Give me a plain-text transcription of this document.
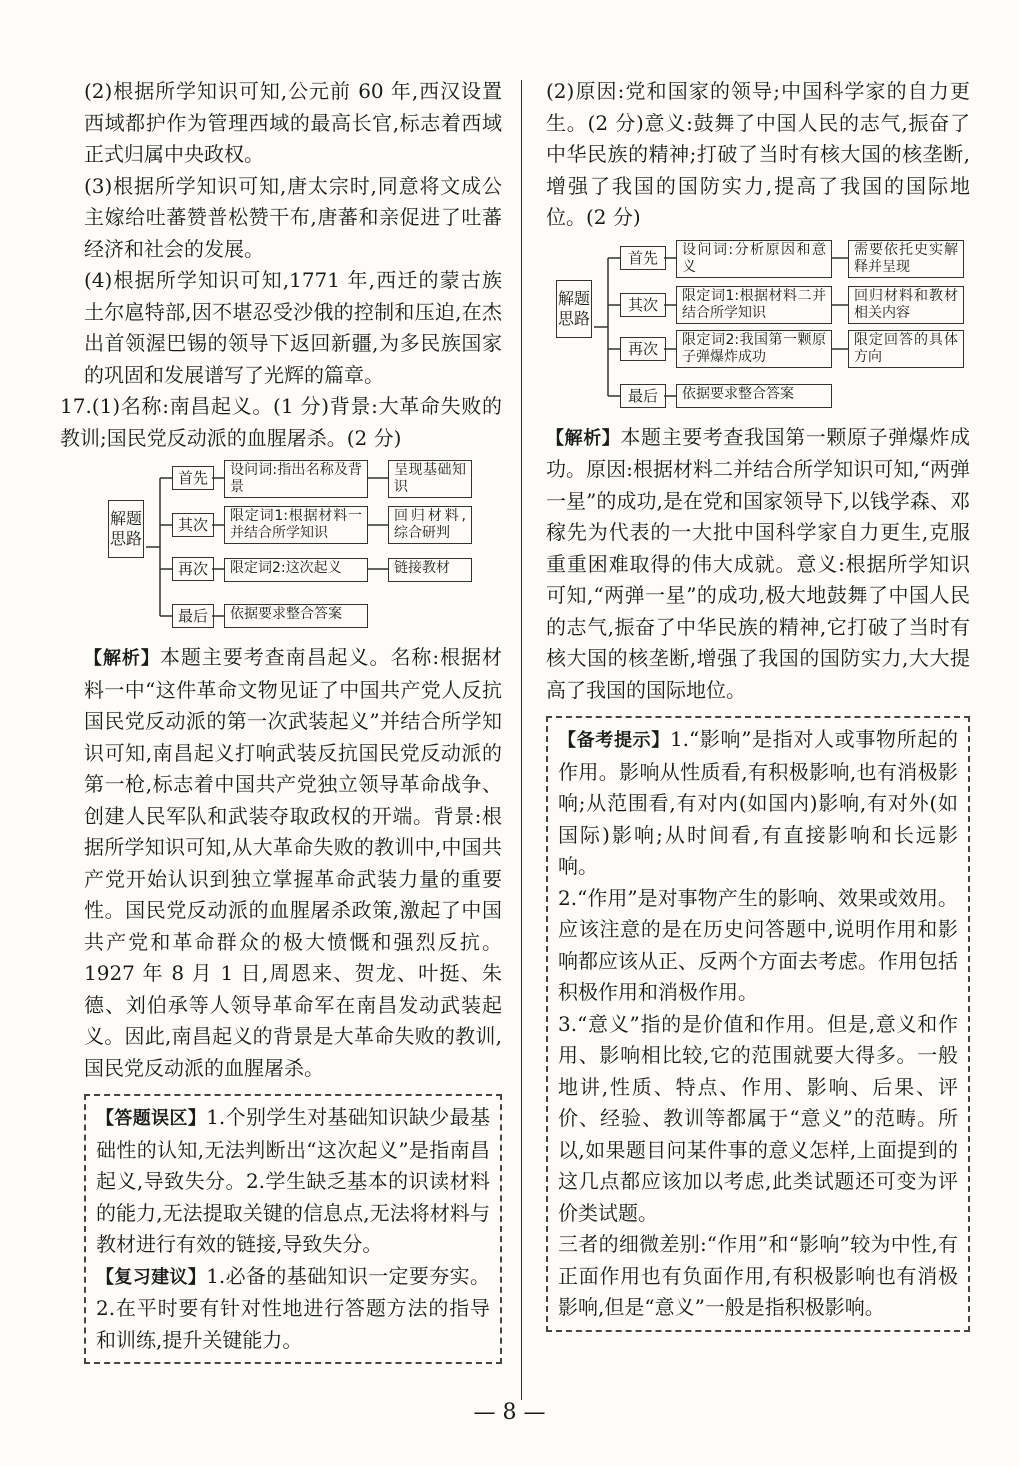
(2)根据所学知识可知,公元前 60 年,西汉设置西域都护作为管理西域的最高长官,标志着西域正式归属中央政权。

(3)根据所学知识可知,唐太宗时,同意将文成公主嫁给吐蕃赞普松赞干布,唐蕃和亲促进了吐蕃经济和社会的发展。

(4)根据所学知识可知,1771 年,西迁的蒙古族土尔扈特部,因不堪忍受沙俄的控制和压迫,在杰出首领渥巴锡的领导下返回新疆,为多民族国家的巩固和发展谱写了光辉的篇章。

17.(1)名称:南昌起义。(1 分)背景:大革命失败的教训;国民党反动派的血腥屠杀。(2 分)

解题思路
首先
其次
再次
最后
设问词:指出名称及背景
限定词1:根据材料一并结合所学知识
限定词2:这次起义
依据要求整合答案
呈现基础知识
回归材料,综合研判
链接教材

【解析】本题主要考查南昌起义。名称:根据材料一中“这件革命文物见证了中国共产党人反抗国民党反动派的第一次武装起义”并结合所学知识可知,南昌起义打响武装反抗国民党反动派的第一枪,标志着中国共产党独立领导革命战争、创建人民军队和武装夺取政权的开端。背景:根据所学知识可知,从大革命失败的教训中,中国共产党开始认识到独立掌握革命武装力量的重要性。国民党反动派的血腥屠杀政策,激起了中国共产党和革命群众的极大愤慨和强烈反抗。1927 年 8 月 1 日,周恩来、贺龙、叶挺、朱德、刘伯承等人领导革命军在南昌发动武装起义。因此,南昌起义的背景是大革命失败的教训,国民党反动派的血腥屠杀。

【答题误区】1.个别学生对基础知识缺少最基础性的认知,无法判断出“这次起义”是指南昌起义,导致失分。2.学生缺乏基本的识读材料的能力,无法提取关键的信息点,无法将材料与教材进行有效的链接,导致失分。

【复习建议】1.必备的基础知识一定要夯实。2.在平时要有针对性地进行答题方法的指导和训练,提升关键能力。

(2)原因:党和国家的领导;中国科学家的自力更生。(2 分)意义:鼓舞了中国人民的志气,振奋了中华民族的精神;打破了当时有核大国的核垄断,增强了我国的国防实力,提高了我国的国际地位。(2 分)

解题思路
首先
其次
再次
最后
设问词:分析原因和意义
限定词1:根据材料二并结合所学知识
限定词2:我国第一颗原子弹爆炸成功
依据要求整合答案
需要依托史实解释并呈现
回归材料和教材相关内容
限定回答的具体方向

【解析】本题主要考查我国第一颗原子弹爆炸成功。原因:根据材料二并结合所学知识可知,“两弹一星”的成功,是在党和国家领导下,以钱学森、邓稼先为代表的一大批中国科学家自力更生,克服重重困难取得的伟大成就。意义:根据所学知识可知,“两弹一星”的成功,极大地鼓舞了中国人民的志气,振奋了中华民族的精神,它打破了当时有核大国的核垄断,增强了我国的国防实力,大大提高了我国的国际地位。

【备考提示】1.“影响”是指对人或事物所起的作用。影响从性质看,有积极影响,也有消极影响;从范围看,有对内(如国内)影响,有对外(如国际)影响;从时间看,有直接影响和长远影响。

2.“作用”是对事物产生的影响、效果或效用。应该注意的是在历史问答题中,说明作用和影响都应该从正、反两个方面去考虑。作用包括积极作用和消极作用。

3.“意义”指的是价值和作用。但是,意义和作用、影响相比较,它的范围就要大得多。一般地讲,性质、特点、作用、影响、后果、评价、经验、教训等都属于“意义”的范畴。所以,如果题目问某件事的意义怎样,上面提到的这几点都应该加以考虑,此类试题还可变为评价类试题。

三者的细微差别:“作用”和“影响”较为中性,有正面作用也有负面作用,有积极影响也有消极影响,但是“意义”一般是指积极影响。

— 8 —
